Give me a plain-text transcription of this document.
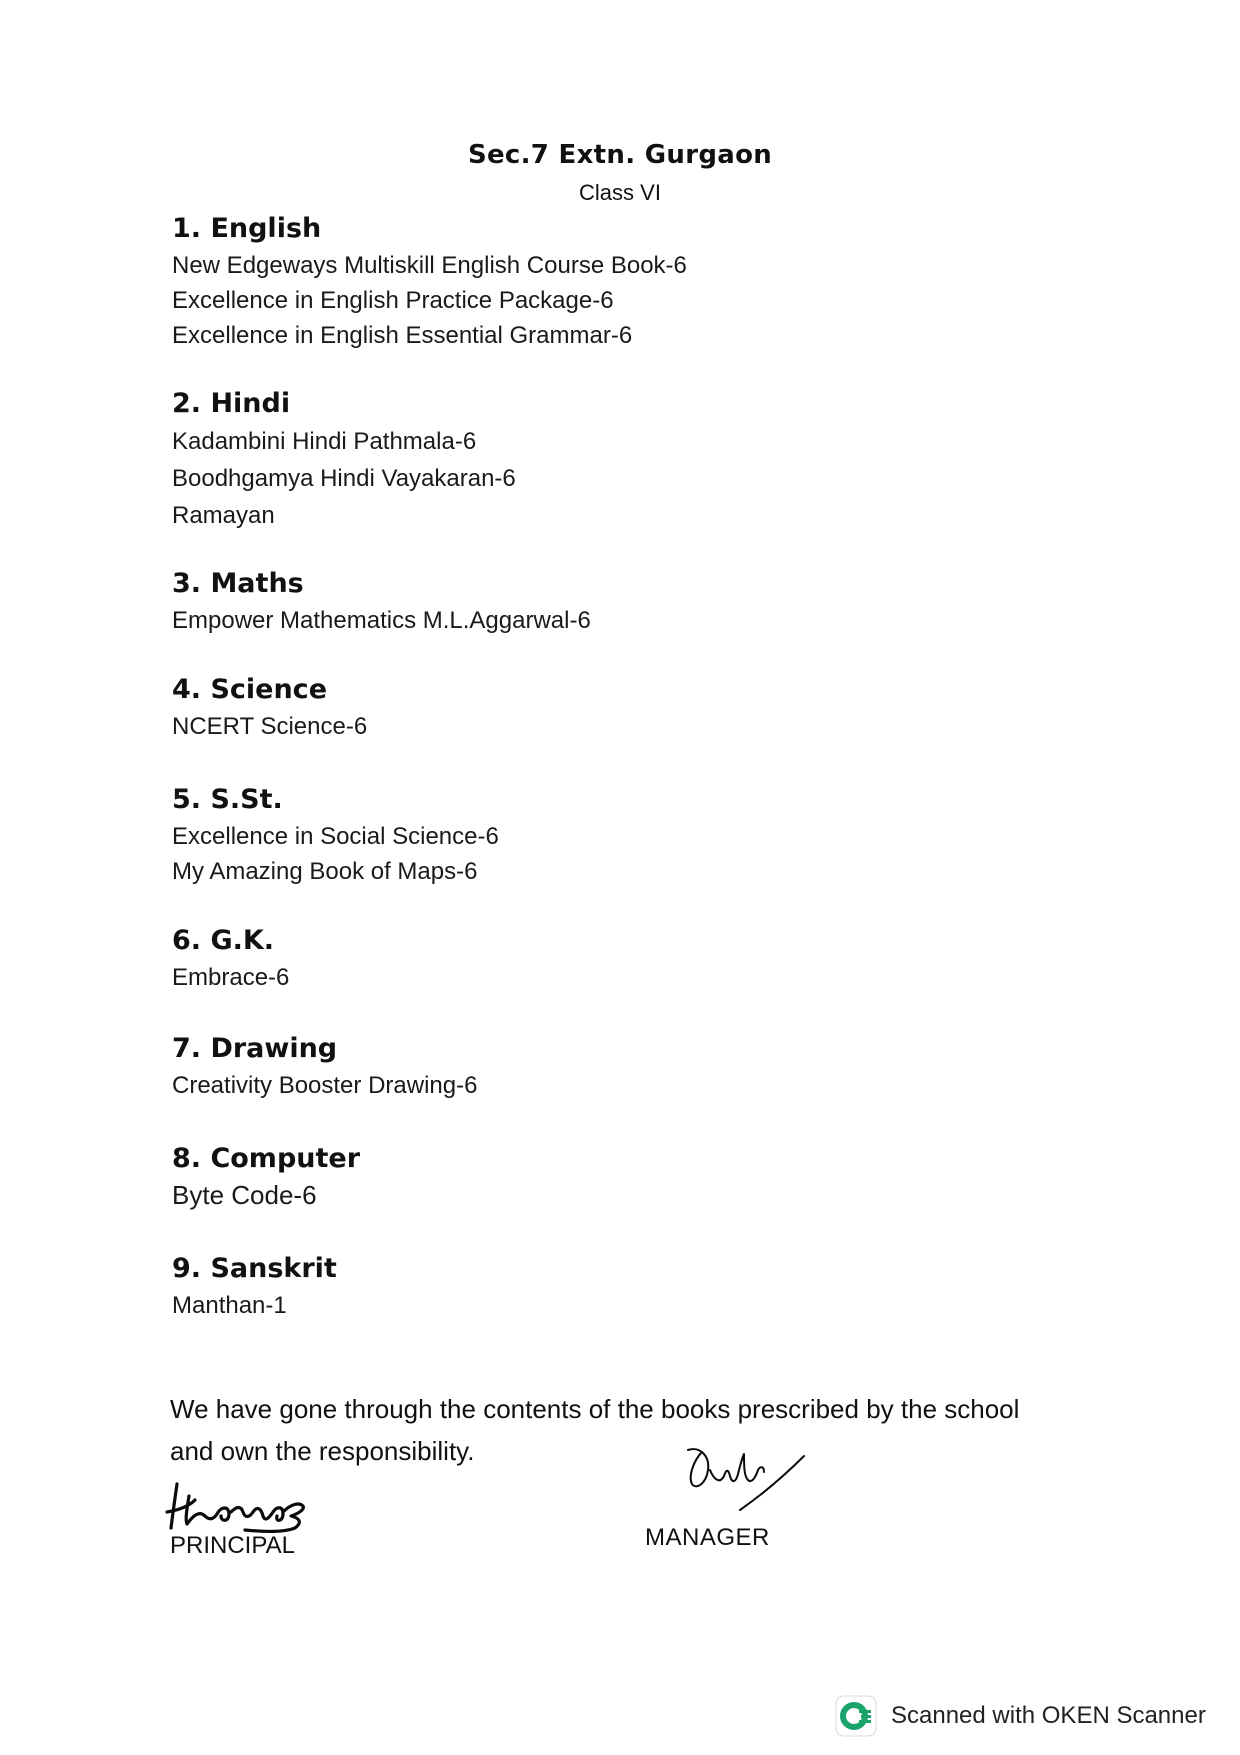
Sec.7 Extn. Gurgaon
Class VI
1. English
New Edgeways Multiskill English Course Book-6
Excellence in English Practice Package-6
Excellence in English Essential Grammar-6
2. Hindi
Kadambini Hindi Pathmala-6
Boodhgamya Hindi Vayakaran-6
Ramayan
3. Maths
Empower Mathematics M.L.Aggarwal-6
4. Science
NCERT Science-6
5. S.St.
Excellence in Social Science-6
My Amazing Book of Maps-6
6. G.K.
Embrace-6
7. Drawing
Creativity Booster Drawing-6
8. Computer
Byte Code-6
9. Sanskrit
Manthan-1
We have gone through the contents of the books prescribed by the school
and own the responsibility.
PRINCIPAL	MANAGER
Scanned with OKEN Scanner
